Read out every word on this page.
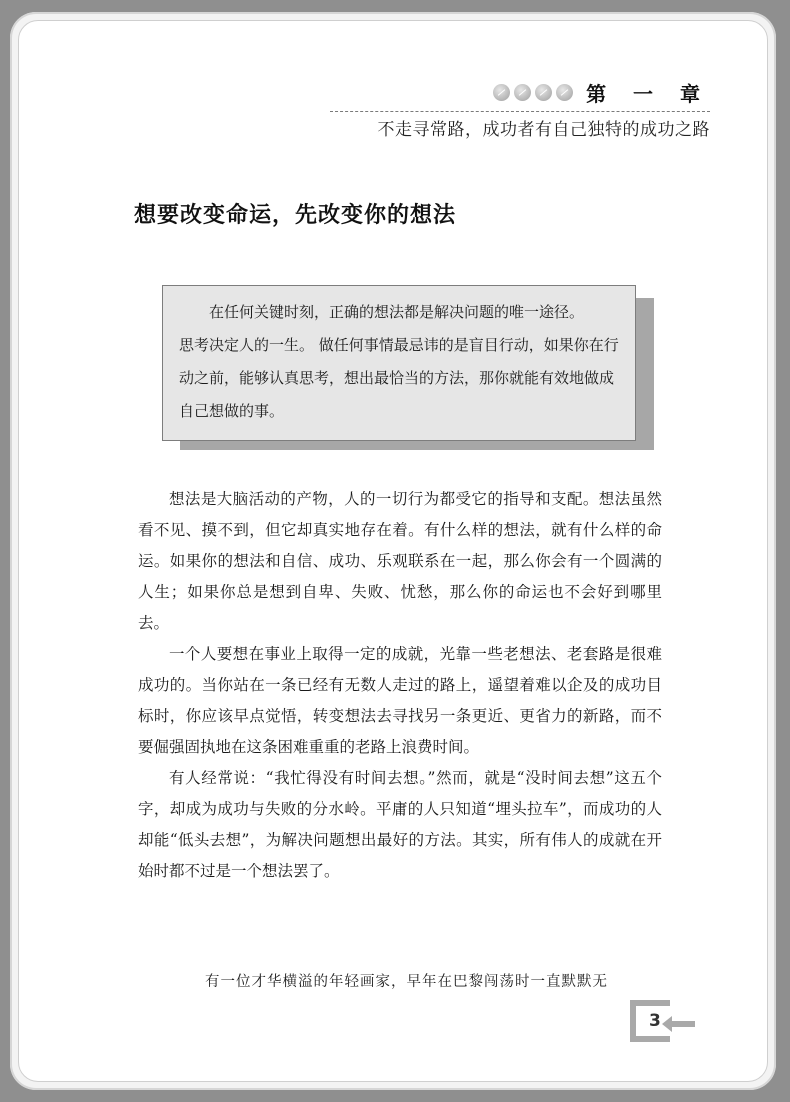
第 一 章
不走寻常路，成功者有自己独特的成功之路
想要改变命运，先改变你的想法

在任何关键时刻，正确的想法都是解决问题的唯一途径。

思考决定人的一生。 做任何事情最忌讳的是盲目行动，如果你在行动之前，能够认真思考，想出最恰当的方法，那你就能有效地做成自己想做的事。

想法是大脑活动的产物，人的一切行为都受它的指导和支配。想法虽然看不见、摸不到，但它却真实地存在着。有什么样的想法，就有什么样的命运。如果你的想法和自信、成功、乐观联系在一起，那么你会有一个圆满的人生；如果你总是想到自卑、失败、忧愁，那么你的命运也不会好到哪里去。

一个人要想在事业上取得一定的成就，光靠一些老想法、老套路是很难成功的。当你站在一条已经有无数人走过的路上，遥望着难以企及的成功目标时，你应该早点觉悟，转变想法去寻找另一条更近、更省力的新路，而不要倔强固执地在这条困难重重的老路上浪费时间。

有人经常说：“我忙得没有时间去想。”然而，就是“没时间去想”这五个字，却成为成功与失败的分水岭。平庸的人只知道“埋头拉车”，而成功的人却能“低头去想”，为解决问题想出最好的方法。其实，所有伟人的成就在开始时都不过是一个想法罢了。

有一位才华横溢的年轻画家，早年在巴黎闯荡时一直默默无
3
